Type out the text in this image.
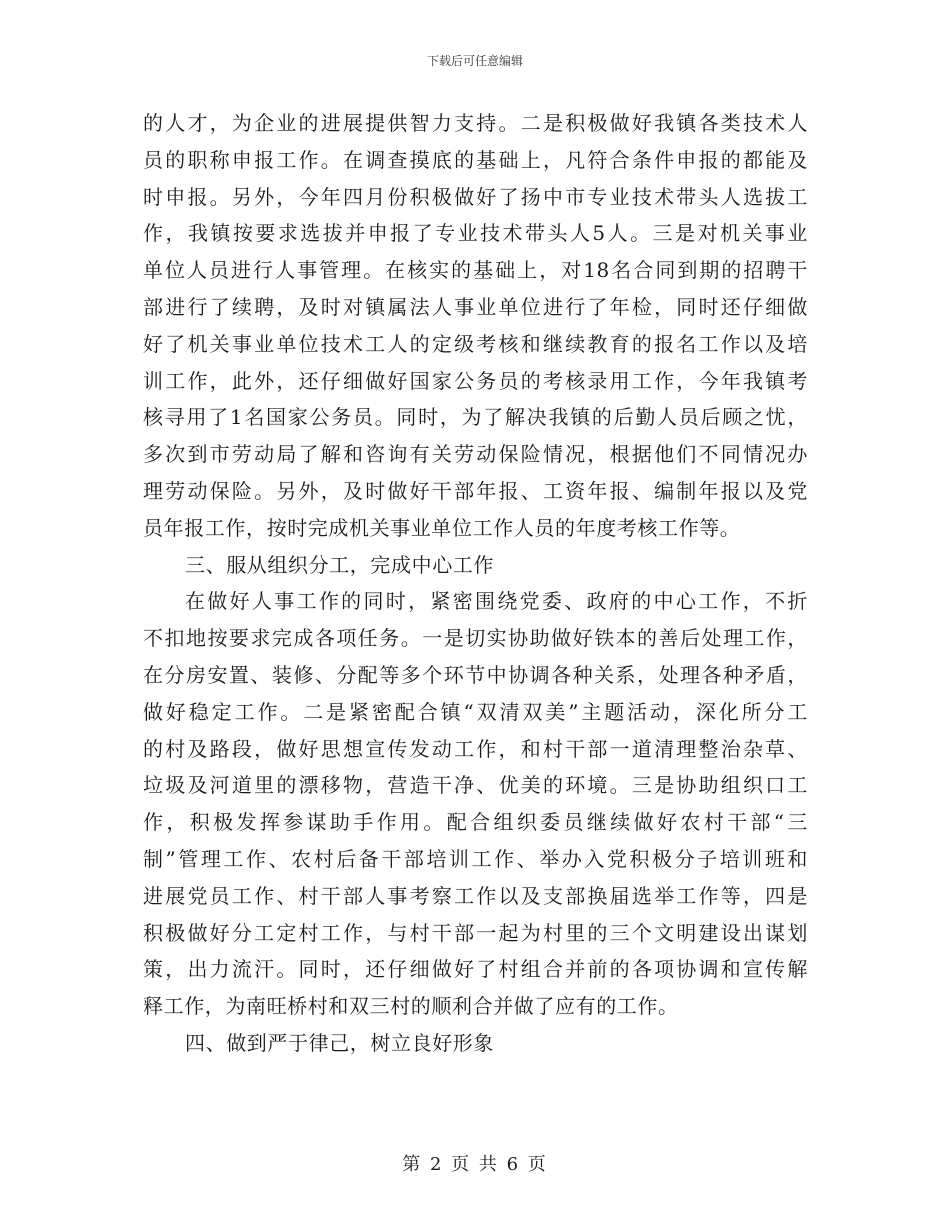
下载后可任意编辑
的人才，为企业的进展提供智力支持。二是积极做好我镇各类技术人
员的职称申报工作。在调查摸底的基础上，凡符合条件申报的都能及
时申报。另外，今年四月份积极做好了扬中市专业技术带头人选拔工
作，我镇按要求选拔并申报了专业技术带头人5人。三是对机关事业
单位人员进行人事管理。在核实的基础上，对18名合同到期的招聘干
部进行了续聘，及时对镇属法人事业单位进行了年检，同时还仔细做
好了机关事业单位技术工人的定级考核和继续教育的报名工作以及培
训工作，此外，还仔细做好国家公务员的考核录用工作，今年我镇考
核寻用了1名国家公务员。同时，为了解决我镇的后勤人员后顾之忧，
多次到市劳动局了解和咨询有关劳动保险情况，根据他们不同情况办
理劳动保险。另外，及时做好干部年报、工资年报、编制年报以及党
员年报工作，按时完成机关事业单位工作人员的年度考核工作等。
三、服从组织分工，完成中心工作
在做好人事工作的同时，紧密围绕党委、政府的中心工作，不折
不扣地按要求完成各项任务。一是切实协助做好铁本的善后处理工作，
在分房安置、装修、分配等多个环节中协调各种关系，处理各种矛盾，
做好稳定工作。二是紧密配合镇“双清双美”主题活动，深化所分工
的村及路段，做好思想宣传发动工作，和村干部一道清理整治杂草、
垃圾及河道里的漂移物，营造干净、优美的环境。三是协助组织口工
作，积极发挥参谋助手作用。配合组织委员继续做好农村干部“三
制”管理工作、农村后备干部培训工作、举办入党积极分子培训班和
进展党员工作、村干部人事考察工作以及支部换届选举工作等，四是
积极做好分工定村工作，与村干部一起为村里的三个文明建设出谋划
策，出力流汗。同时，还仔细做好了村组合并前的各项协调和宣传解
释工作，为南旺桥村和双三村的顺利合并做了应有的工作。
四、做到严于律己，树立良好形象
第 2 页 共 6 页
